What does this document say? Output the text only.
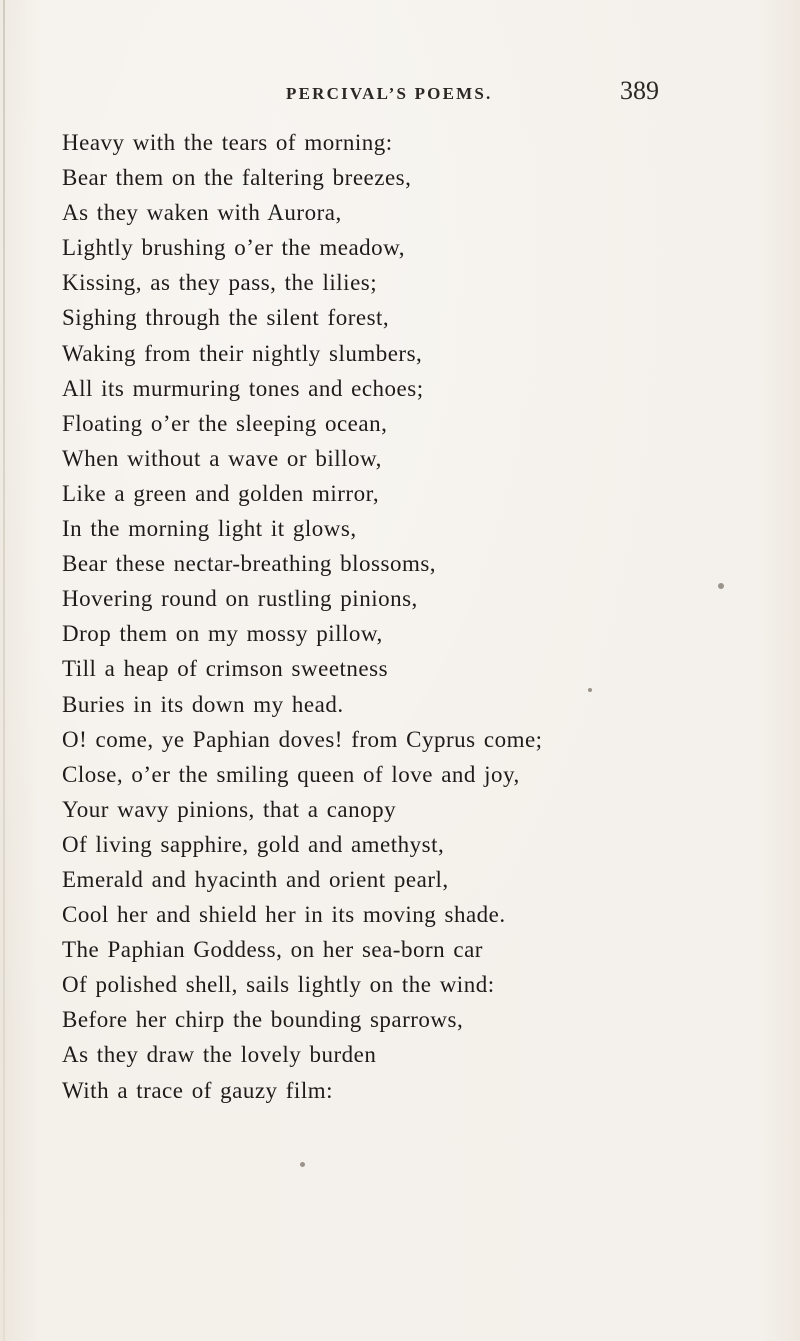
PERCIVAL’S POEMS.	389
Heavy with the tears of morning:
Bear them on the faltering breezes,
As they waken with Aurora,
Lightly brushing o’er the meadow,
Kissing, as they pass, the lilies;
Sighing through the silent forest,
Waking from their nightly slumbers,
All its murmuring tones and echoes;
Floating o’er the sleeping ocean,
When without a wave or billow,
Like a green and golden mirror,
In the morning light it glows,
Bear these nectar-breathing blossoms,
Hovering round on rustling pinions,
Drop them on my mossy pillow,
Till a heap of crimson sweetness
Buries in its down my head.
O! come, ye Paphian doves! from Cyprus come;
Close, o’er the smiling queen of love and joy,
Your wavy pinions, that a canopy
Of living sapphire, gold and amethyst,
Emerald and hyacinth and orient pearl,
Cool her and shield her in its moving shade.
The Paphian Goddess, on her sea-born car
Of polished shell, sails lightly on the wind:
Before her chirp the bounding sparrows,
As they draw the lovely burden
With a trace of gauzy film:
